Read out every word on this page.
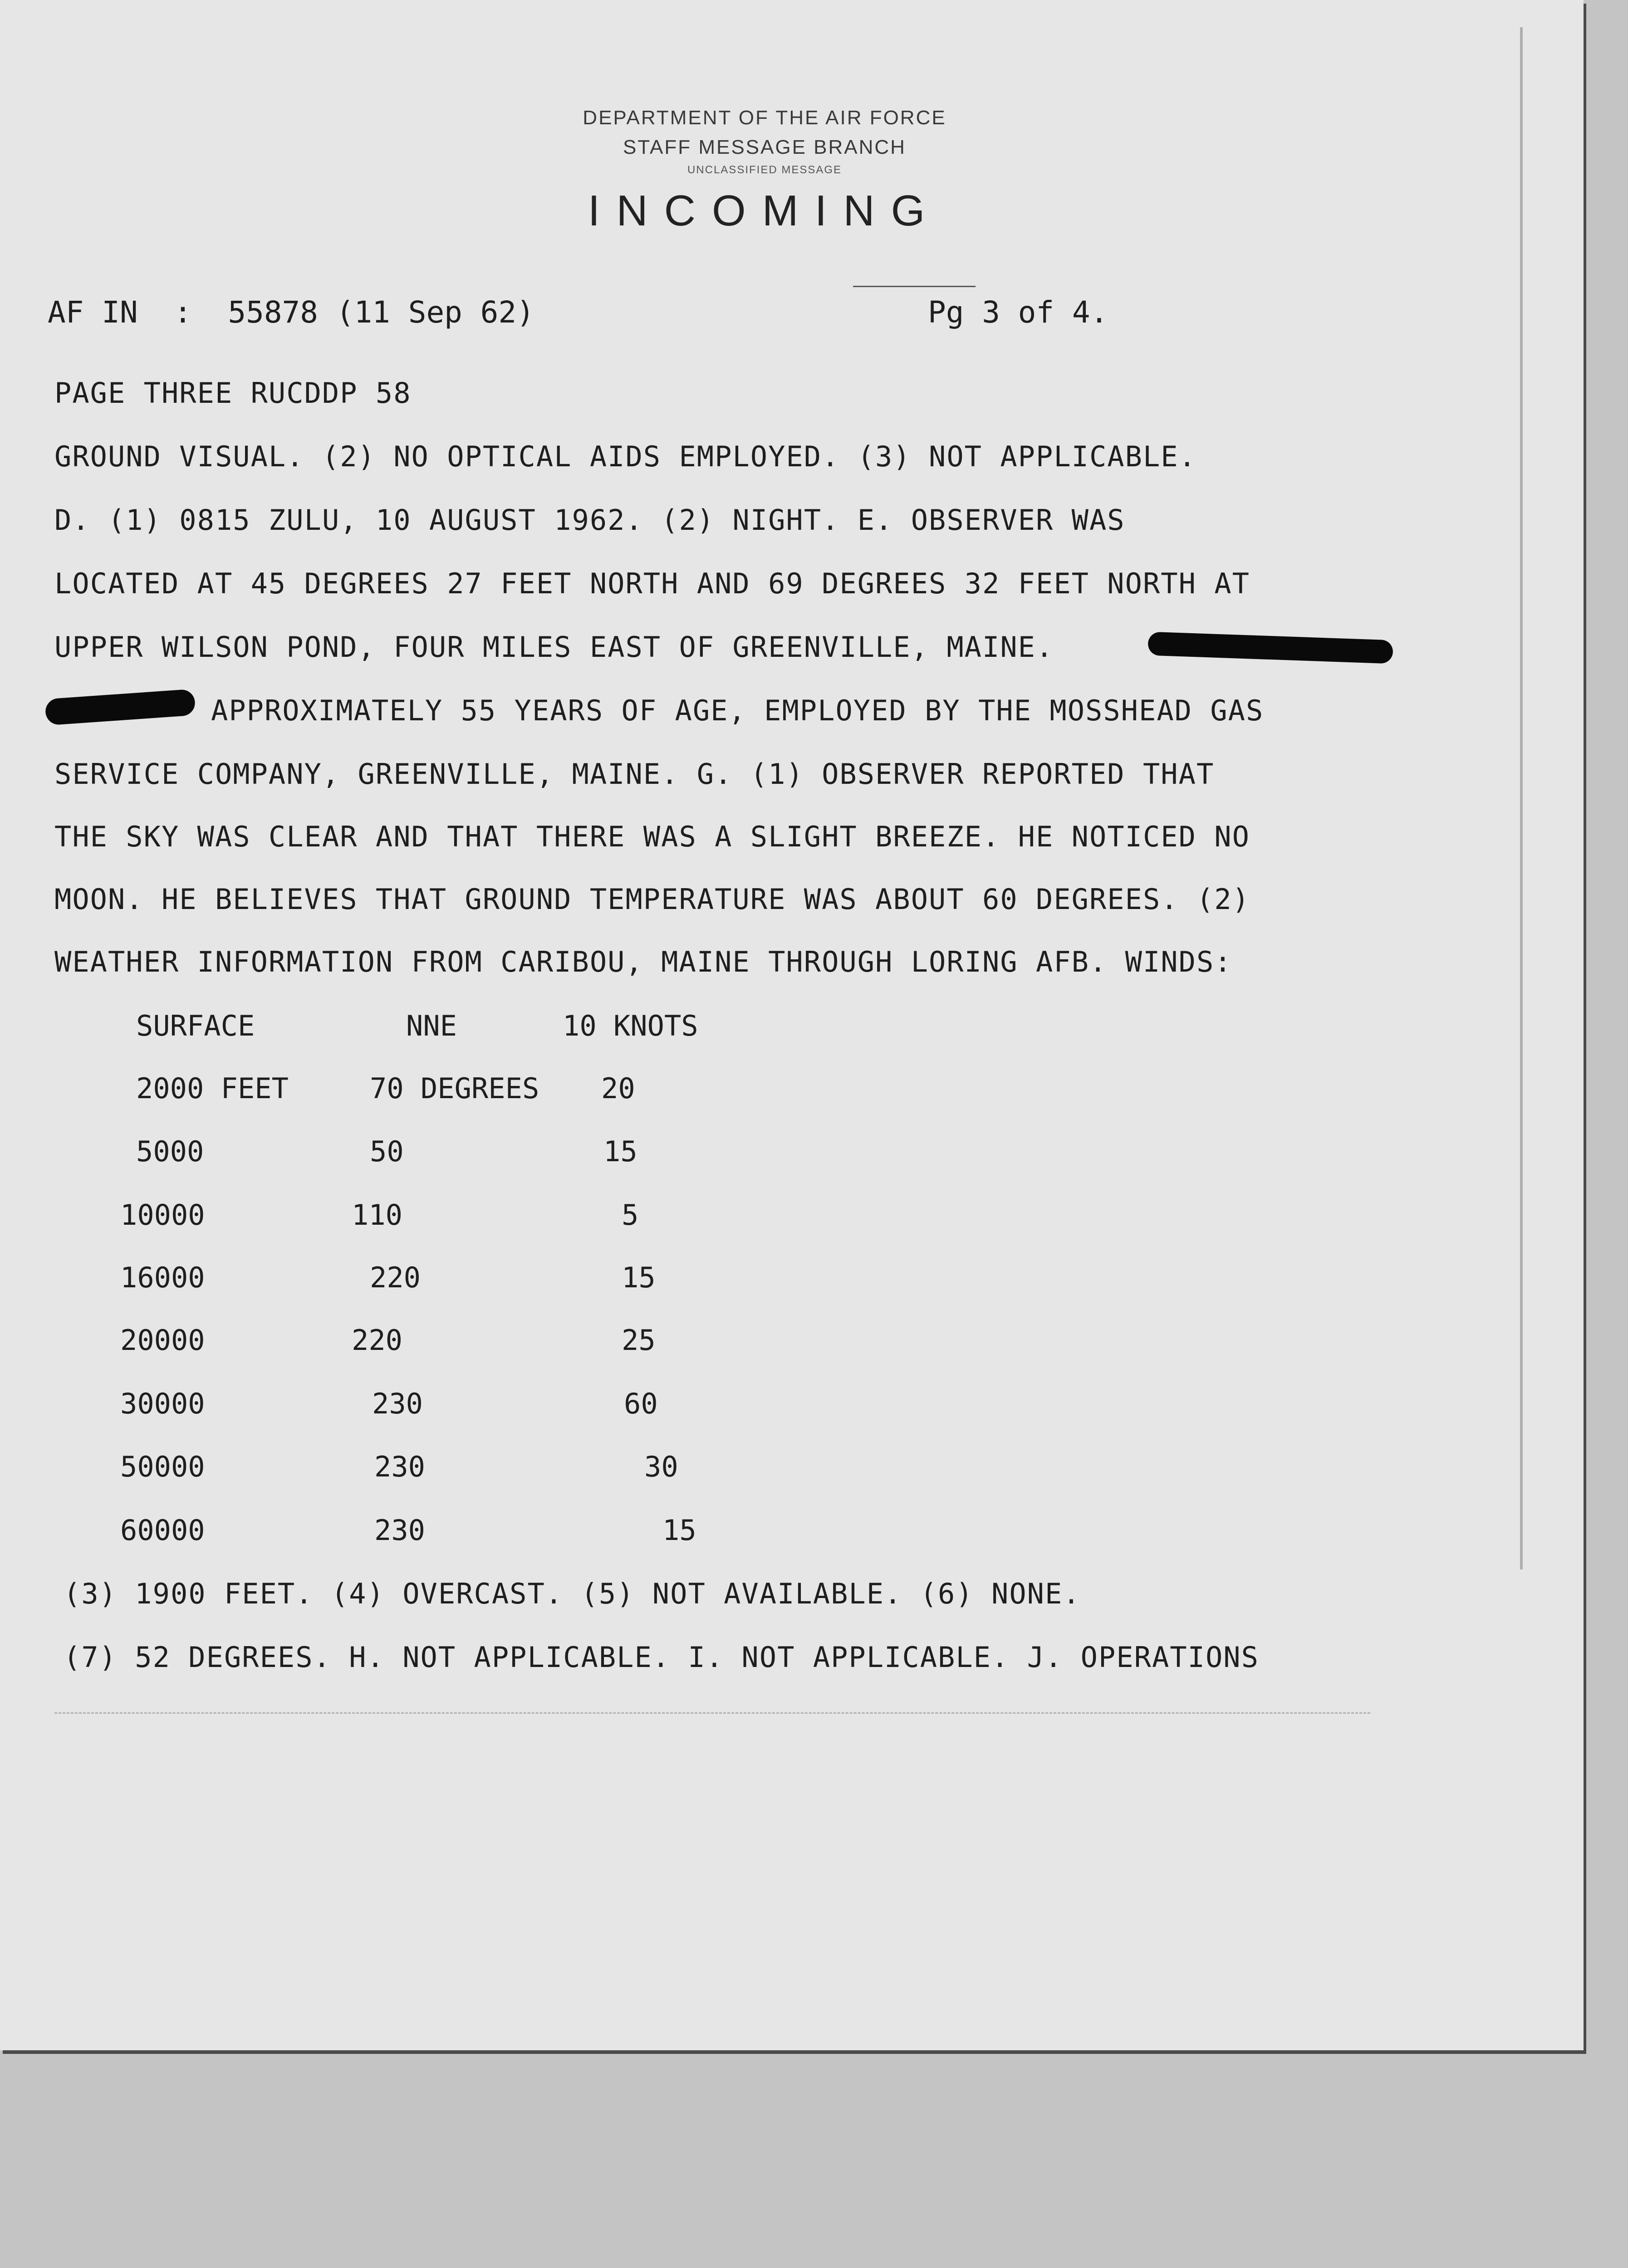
DEPARTMENT OF THE AIR FORCE
STAFF MESSAGE BRANCH
UNCLASSIFIED MESSAGE
INCOMING
AF IN  :  55878 (11 Sep 62)	Pg 3 of 4.
PAGE THREE RUCDDP 58
GROUND VISUAL. (2) NO OPTICAL AIDS EMPLOYED. (3) NOT APPLICABLE.
D. (1) 0815 ZULU, 10 AUGUST 1962. (2) NIGHT. E. OBSERVER WAS
LOCATED AT 45 DEGREES 27 FEET NORTH AND 69 DEGREES 32 FEET NORTH AT
UPPER WILSON POND, FOUR MILES EAST OF GREENVILLE, MAINE.
APPROXIMATELY 55 YEARS OF AGE, EMPLOYED BY THE MOSSHEAD GAS
SERVICE COMPANY, GREENVILLE, MAINE. G. (1) OBSERVER REPORTED THAT
THE SKY WAS CLEAR AND THAT THERE WAS A SLIGHT BREEZE. HE NOTICED NO
MOON. HE BELIEVES THAT GROUND TEMPERATURE WAS ABOUT 60 DEGREES. (2)
WEATHER INFORMATION FROM CARIBOU, MAINE THROUGH LORING AFB. WINDS:
SURFACE	NNE	10 KNOTS
2000 FEET	70 DEGREES 20
5000	50	15
10000	110	5
16000	220	15
20000	220	25
30000	230	60
50000	230	30
60000	230	15
(3) 1900 FEET. (4) OVERCAST. (5) NOT AVAILABLE. (6) NONE.
(7) 52 DEGREES. H. NOT APPLICABLE. I. NOT APPLICABLE. J. OPERATIONS
